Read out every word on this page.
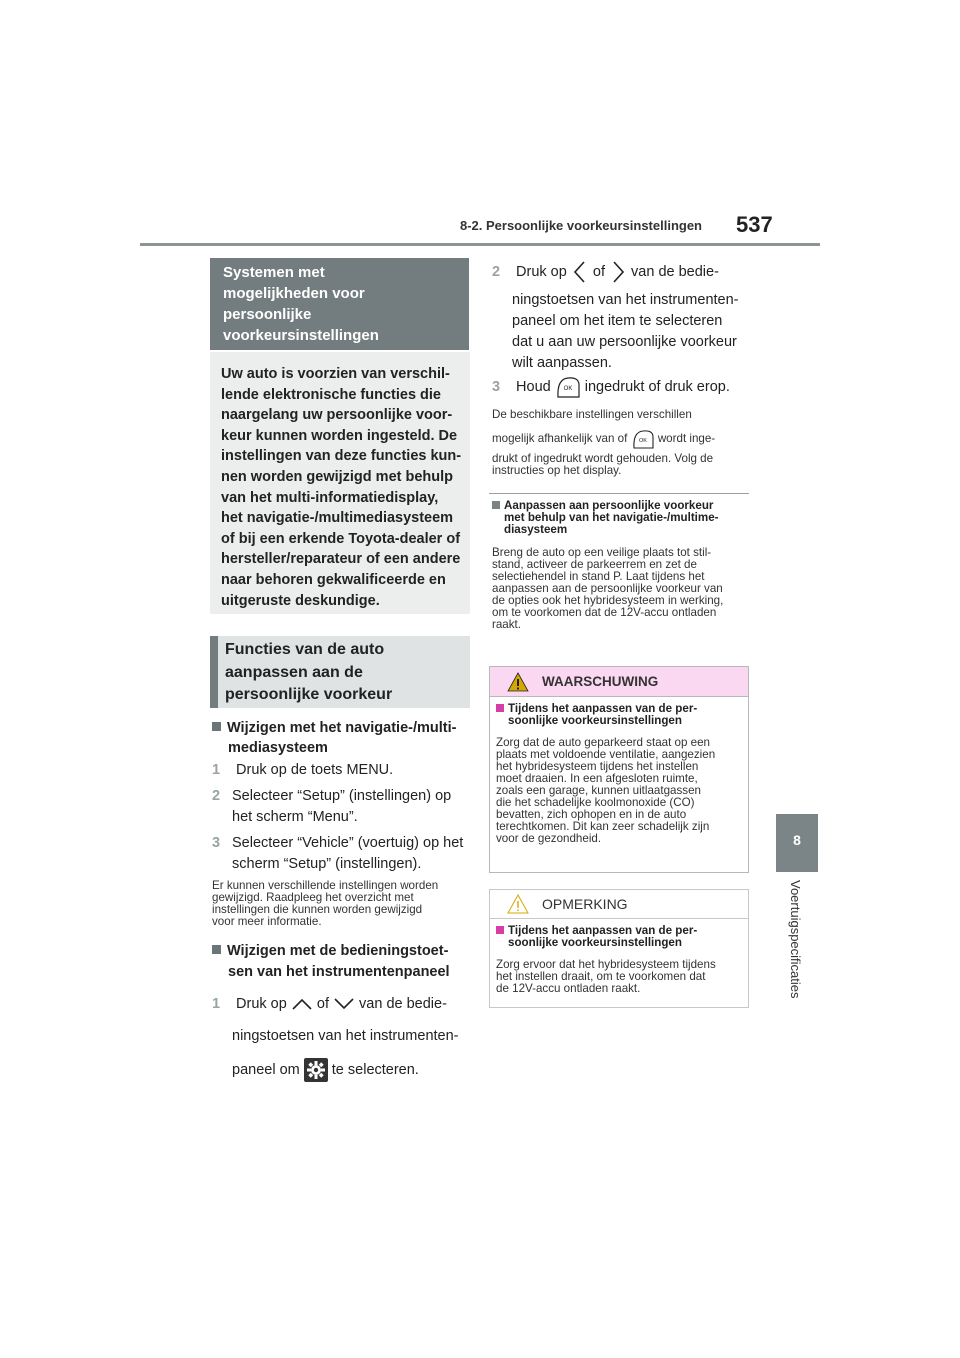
8-2. Persoonlijke voorkeursinstellingen 537
8
Voertuigspecificaties
Systemen met
mogelijkheden voor
persoonlijke
voorkeursinstellingen
Uw auto is voorzien van verschil-
lende elektronische functies die
naargelang uw persoonlijke voor-
keur kunnen worden ingesteld. De
instellingen van deze functies kun-
nen worden gewijzigd met behulp
van het multi-informatiedisplay,
het navigatie-/multimediasysteem
of bij een erkende Toyota-dealer of
hersteller/reparateur of een andere
naar behoren gekwalificeerde en
uitgeruste deskundige.
Functies van de auto
aanpassen aan de
persoonlijke voorkeur
Wijzigen met het navigatie-/multi-
mediasysteem
1 Druk op de toets MENU.
2 Selecteer “Setup” (instellingen) op
het scherm “Menu”.
3 Selecteer “Vehicle” (voertuig) op het
scherm “Setup” (instellingen).
Er kunnen verschillende instellingen worden
gewijzigd. Raadpleeg het overzicht met
instellingen die kunnen worden gewijzigd
voor meer informatie.
Wijzigen met de bedieningstoet-
sen van het instrumentenpaneel
1 Druk op of van de bedie-
ningstoetsen van het instrumenten-
paneel om te selecteren.
2 Druk op of van de bedie-
ningstoetsen van het instrumenten-
paneel om het item te selecteren
dat u aan uw persoonlijke voorkeur
wilt aanpassen.
3 Houd OK ingedrukt of druk erop.
De beschikbare instellingen verschillen
mogelijk afhankelijk van of OK wordt inge-
drukt of ingedrukt wordt gehouden. Volg de
instructies op het display.
Aanpassen aan persoonlijke voorkeur
met behulp van het navigatie-/multime-
diasysteem
Breng de auto op een veilige plaats tot stil-
stand, activeer de parkeerrem en zet de
selectiehendel in stand P. Laat tijdens het
aanpassen aan de persoonlijke voorkeur van
de opties ook het hybridesysteem in werking,
om te voorkomen dat de 12V-accu ontladen
raakt.
WAARSCHUWING
Tijdens het aanpassen van de per-
soonlijke voorkeursinstellingen
Zorg dat de auto geparkeerd staat op een
plaats met voldoende ventilatie, aangezien
het hybridesysteem tijdens het instellen
moet draaien. In een afgesloten ruimte,
zoals een garage, kunnen uitlaatgassen
die het schadelijke koolmonoxide (CO)
bevatten, zich ophopen en in de auto
terechtkomen. Dit kan zeer schadelijk zijn
voor de gezondheid.
OPMERKING
Tijdens het aanpassen van de per-
soonlijke voorkeursinstellingen
Zorg ervoor dat het hybridesysteem tijdens
het instellen draait, om te voorkomen dat
de 12V-accu ontladen raakt.
